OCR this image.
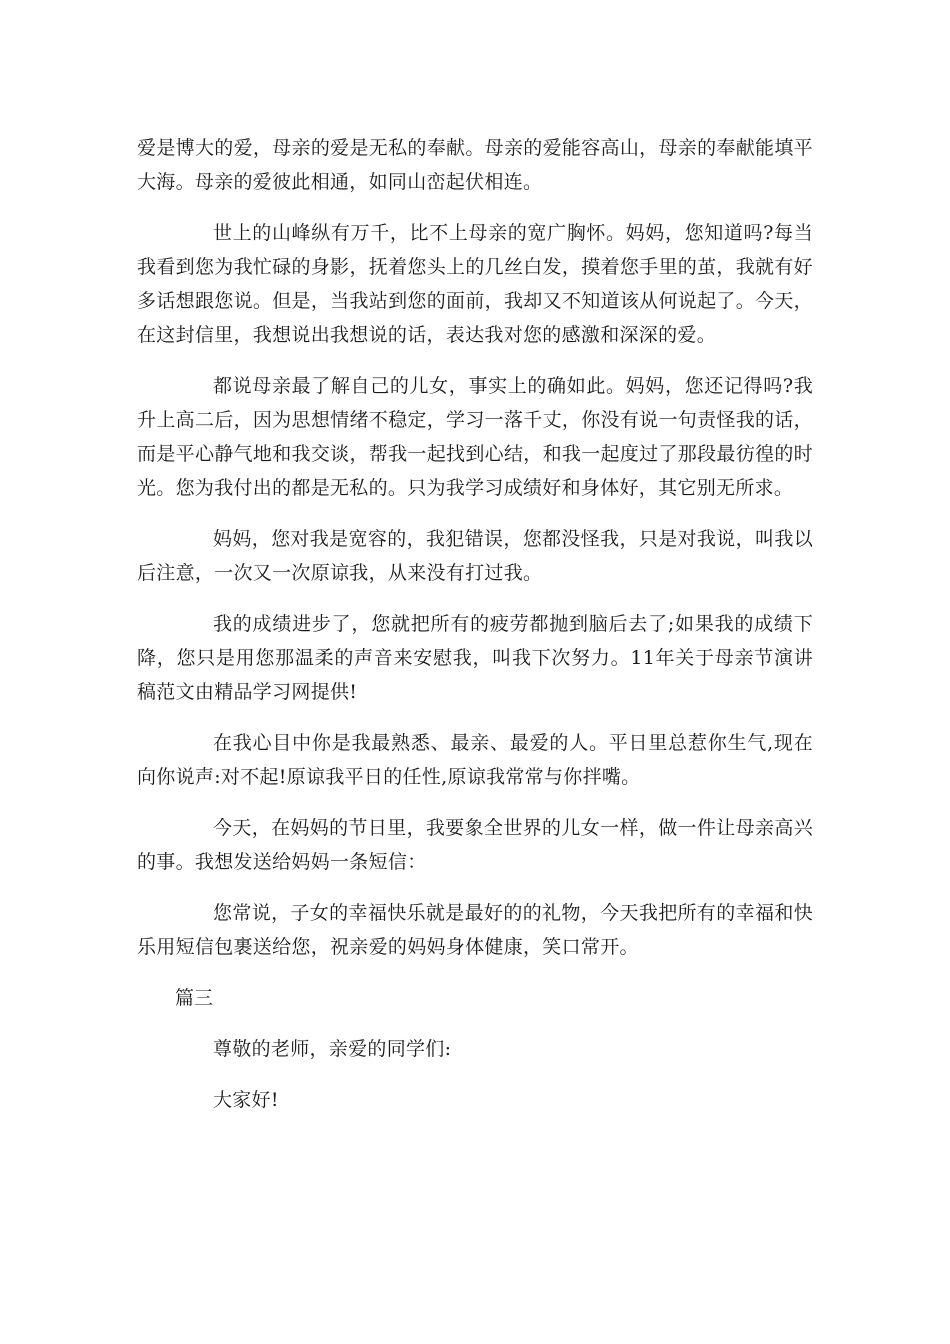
爱是博大的爱，母亲的爱是无私的奉献。母亲的爱能容高山，母亲的奉献能填平大海。母亲的爱彼此相通，如同山峦起伏相连。

世上的山峰纵有万千，比不上母亲的宽广胸怀。妈妈，您知道吗?每当我看到您为我忙碌的身影，抚着您头上的几丝白发，摸着您手里的茧，我就有好多话想跟您说。但是，当我站到您的面前，我却又不知道该从何说起了。今天，在这封信里，我想说出我想说的话，表达我对您的感激和深深的爱。

都说母亲最了解自己的儿女，事实上的确如此。妈妈，您还记得吗?我升上高二后，因为思想情绪不稳定，学习一落千丈，你没有说一句责怪我的话，而是平心静气地和我交谈，帮我一起找到心结，和我一起度过了那段最彷徨的时光。您为我付出的都是无私的。只为我学习成绩好和身体好，其它别无所求。

妈妈，您对我是宽容的，我犯错误，您都没怪我，只是对我说，叫我以后注意，一次又一次原谅我，从来没有打过我。

我的成绩进步了，您就把所有的疲劳都抛到脑后去了;如果我的成绩下降，您只是用您那温柔的声音来安慰我，叫我下次努力。11年关于母亲节演讲稿范文由精品学习网提供!

在我心目中你是我最熟悉、最亲、最爱的人。平日里总惹你生气,现在向你说声:对不起!原谅我平日的任性,原谅我常常与你拌嘴。

今天，在妈妈的节日里，我要象全世界的儿女一样，做一件让母亲高兴的事。我想发送给妈妈一条短信：

您常说，子女的幸福快乐就是最好的的礼物，今天我把所有的幸福和快乐用短信包裹送给您，祝亲爱的妈妈身体健康，笑口常开。

篇三

尊敬的老师，亲爱的同学们:

大家好!
